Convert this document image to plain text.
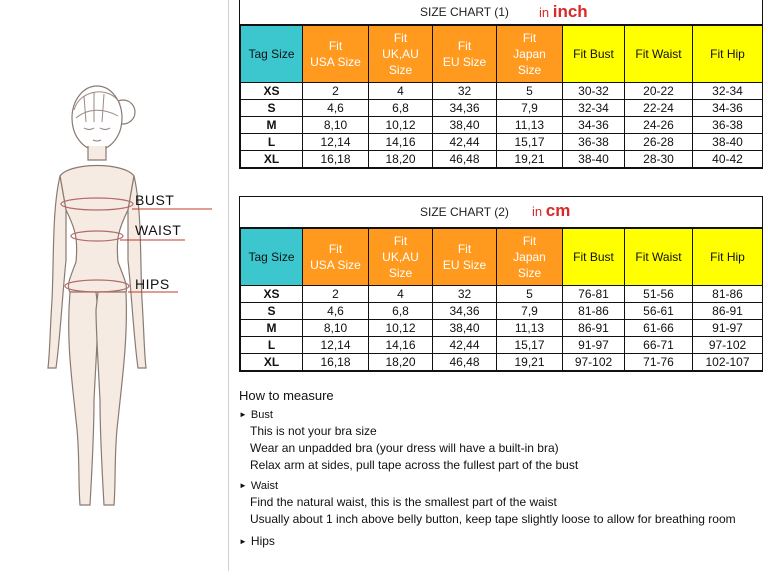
BUST
WAIST
HIPS
SIZE CHART (1) in inch
Tag Size	Fit
USA Size	Fit
UK,AU
Size	Fit
EU Size	Fit
Japan
Size	Fit Bust	Fit Waist	Fit Hip
XS	2	4	32	5	30-32	20-22	32-34
S	4,6	6,8	34,36	7,9	32-34	22-24	34-36
M	8,10	10,12	38,40	11,13	34-36	24-26	36-38
L	12,14	14,16	42,44	15,17	36-38	26-28	38-40
XL	16,18	18,20	46,48	19,21	38-40	28-30	40-42
SIZE CHART (2) in cm
Tag Size	Fit
USA Size	Fit
UK,AU
Size	Fit
EU Size	Fit
Japan
Size	Fit Bust	Fit Waist	Fit Hip
XS	2	4	32	5	76-81	51-56	81-86
S	4,6	6,8	34,36	7,9	81-86	56-61	86-91
M	8,10	10,12	38,40	11,13	86-91	61-66	91-97
L	12,14	14,16	42,44	15,17	91-97	66-71	97-102
XL	16,18	18,20	46,48	19,21	97-102	71-76	102-107
How to measure
► Bust
This is not your bra size
Wear an unpadded bra (your dress will have a built-in bra)
Relax arm at sides, pull tape across the fullest part of the bust
► Waist
Find the natural waist, this is the smallest part of the waist
Usually about 1 inch above belly button, keep tape slightly loose to allow for breathing room
► Hips
